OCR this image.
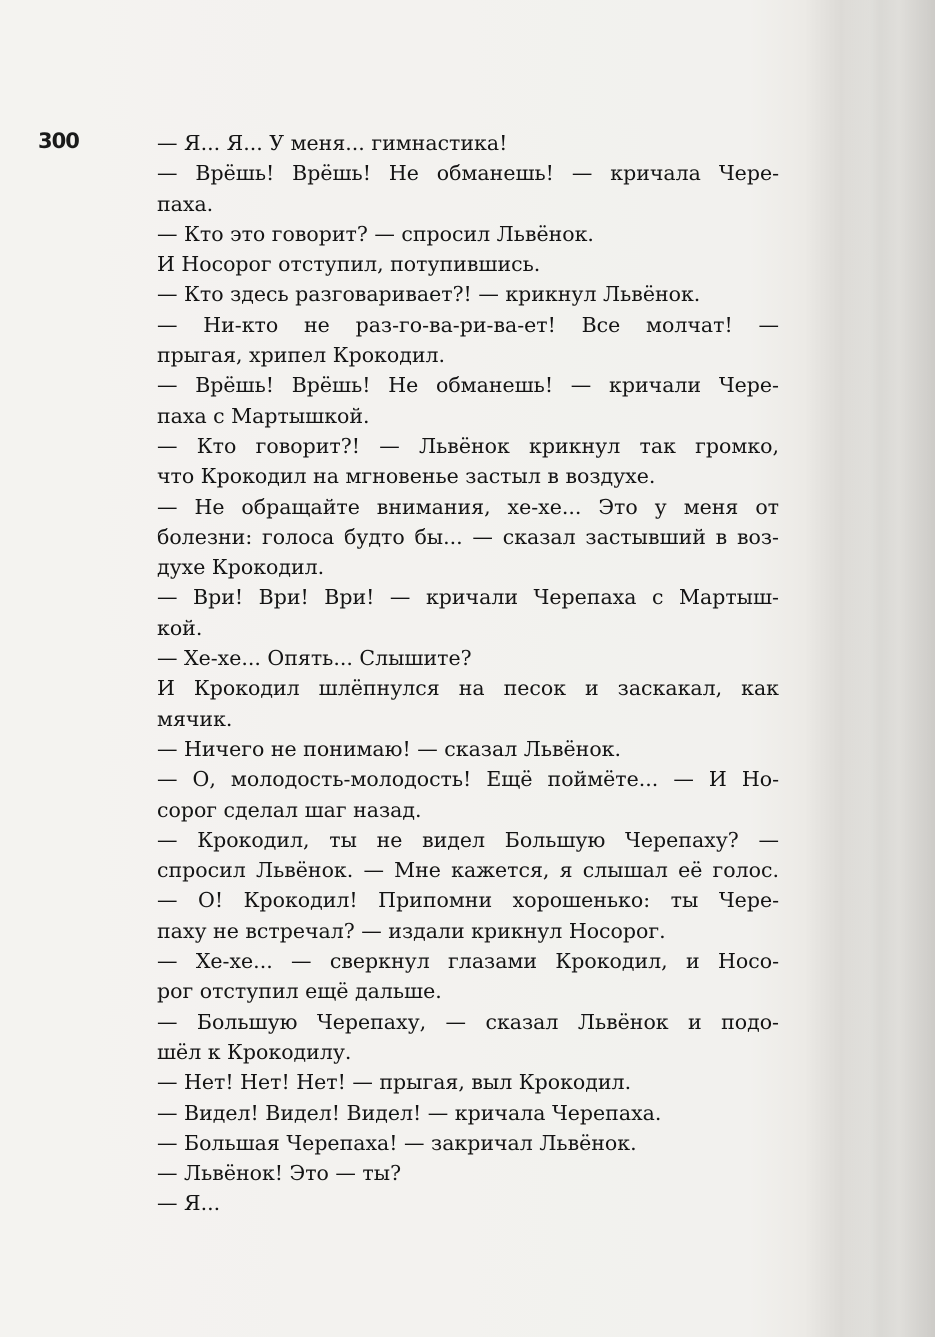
300	— Я... Я... У меня... гимнастика!
— Врёшь! Врёшь! Не обманешь! — кричала Чере-
паха.
— Кто это говорит? — спросил Львёнок.
И Носорог отступил, потупившись.
— Кто здесь разговаривает?! — крикнул Львёнок.
— Ни-кто не раз-го-ва-ри-ва-ет! Все молчат! —
прыгая, хрипел Крокодил.
— Врёшь! Врёшь! Не обманешь! — кричали Чере-
паха с Мартышкой.
— Кто говорит?! — Львёнок крикнул так громко,
что Крокодил на мгновенье застыл в воздухе.
— Не обращайте внимания, хе-хе... Это у меня от
болезни: голоса будто бы... — сказал застывший в воз-
духе Крокодил.
— Ври! Ври! Ври! — кричали Черепаха с Мартыш-
кой.
— Хе-хе... Опять... Слышите?
И Крокодил шлёпнулся на песок и заскакал, как
мячик.
— Ничего не понимаю! — сказал Львёнок.
— О, молодость-молодость! Ещё поймёте... — И Но-
сорог сделал шаг назад.
— Крокодил, ты не видел Большую Черепаху? —
спросил Львёнок. — Мне кажется, я слышал её голос.
— О! Крокодил! Припомни хорошенько: ты Чере-
паху не встречал? — издали крикнул Носорог.
— Хе-хе... — сверкнул глазами Крокодил, и Носо-
рог отступил ещё дальше.
— Большую Черепаху, — сказал Львёнок и подо-
шёл к Крокодилу.
— Нет! Нет! Нет! — прыгая, выл Крокодил.
— Видел! Видел! Видел! — кричала Черепаха.
— Большая Черепаха! — закричал Львёнок.
— Львёнок! Это — ты?
— Я...
